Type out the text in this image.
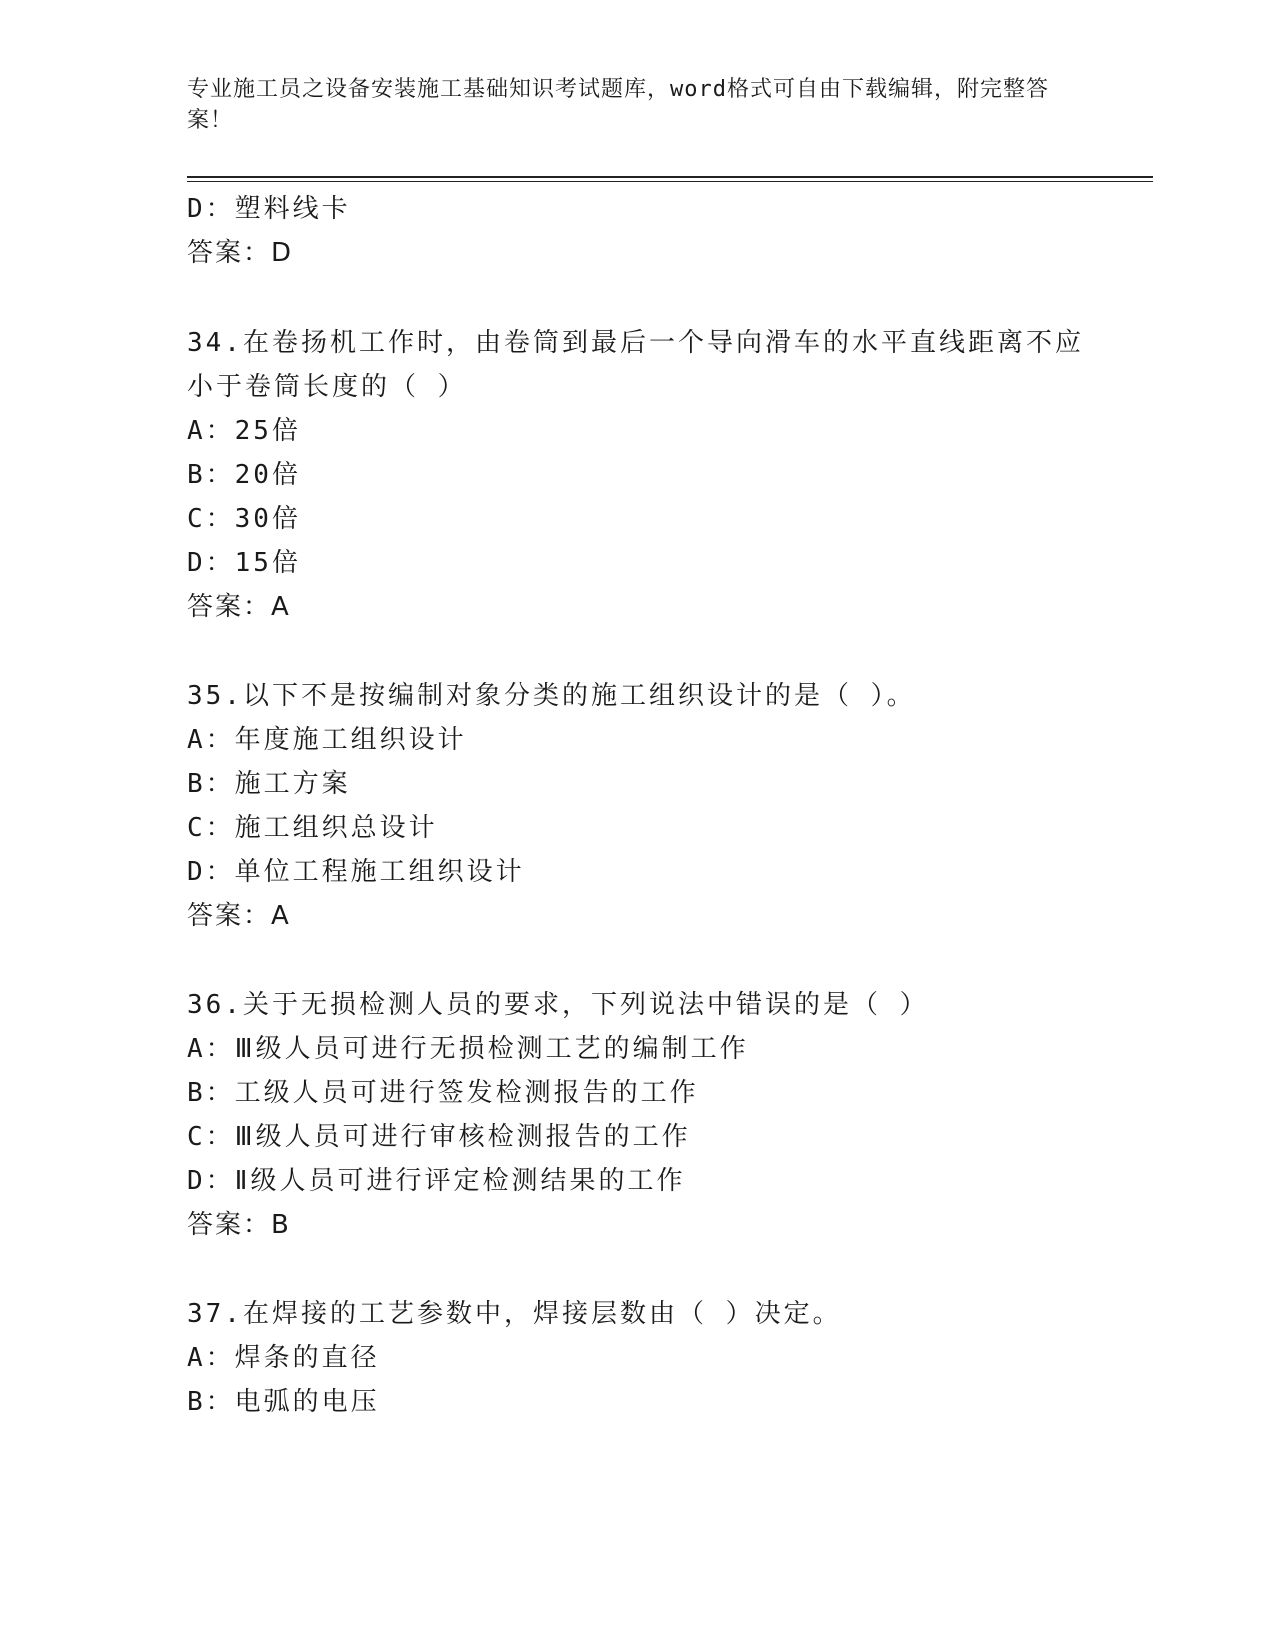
专业施工员之设备安装施工基础知识考试题库，word格式可自由下载编辑，附完整答案！
D：塑料线卡
答案：D
34.在卷扬机工作时，由卷筒到最后一个导向滑车的水平直线距离不应
小于卷筒长度的（ ）
A：25倍
B：20倍
C：30倍
D：15倍
答案：A
35.以下不是按编制对象分类的施工组织设计的是（ ）。
A：年度施工组织设计
B：施工方案
C：施工组织总设计
D：单位工程施工组织设计
答案：A
36.关于无损检测人员的要求，下列说法中错误的是（ ）
A：Ⅲ级人员可进行无损检测工艺的编制工作
B：工级人员可进行签发检测报告的工作
C：Ⅲ级人员可进行审核检测报告的工作
D：Ⅱ级人员可进行评定检测结果的工作
答案：B
37.在焊接的工艺参数中，焊接层数由（ ）决定。
A：焊条的直径
B：电弧的电压
